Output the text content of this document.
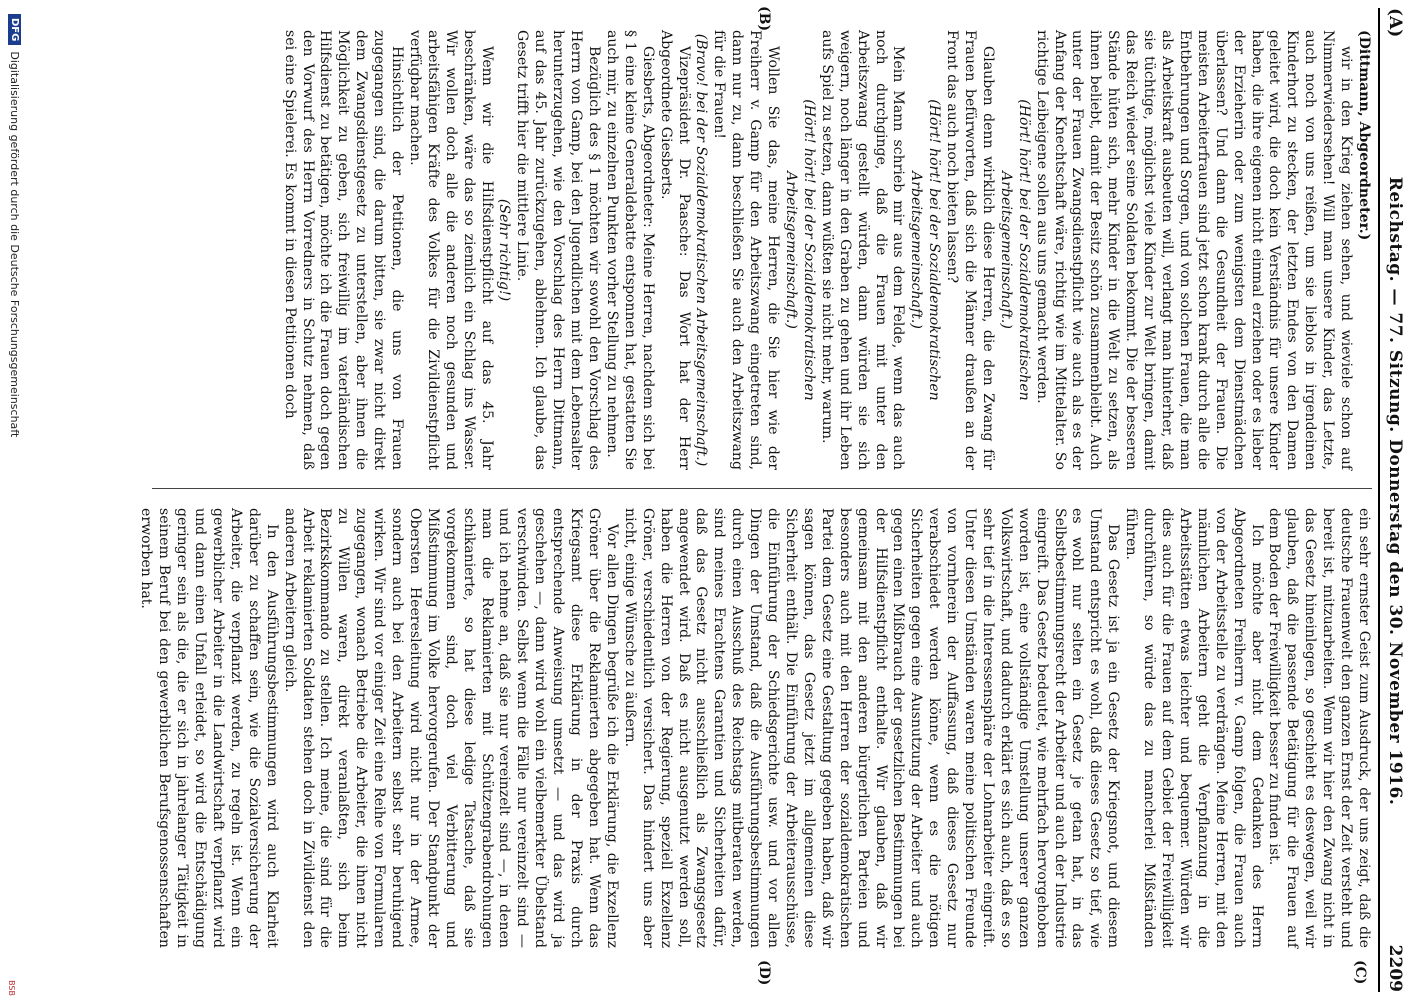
(A)
Reichstag. — 77. Sitzung. Donnerstag den 30. November 1916.
2209

(Dittmann, Abgeordneter.)

wir in den Krieg ziehen sehen, und wieviele schon auf Nimmerwiedersehen! Will man unsere Kinder, das Letzte, auch noch von uns reißen, um sie lieblos in irgendeinen Kinderhort zu stecken, der letzten Endes von den Damen geleitet wird, die doch kein Verständnis für unsere Kinder haben, die ihre eigenen nicht einmal erziehen oder es lieber der Erzieherin oder zum wenigsten dem Dienstmädchen überlassen? Und dann die Gesundheit der Frauen. Die meisten Arbeiterfrauen sind jetzt schon krank durch alle die Entbehrungen und Sorgen, und von solchen Frauen, die man als Arbeitskraft ausbeuten will, verlangt man hinterher, daß sie tüchtige, möglichst viele Kinder zur Welt bringen, damit das Reich wieder seine Soldaten bekommt. Die der besseren Stände hüten sich, mehr Kinder in die Welt zu setzen, als ihnen beliebt, damit der Besitz schön zusammenbleibt. Auch unter der Frauen Zwangsdienstpflicht wie auch als es der Anfang der Knechtschaft wäre, richtig wie im Mittelalter. So richtige Leibeigene sollen aus uns gemacht werden.

(Hört! hört! bei der Sozialdemokratischen Arbeitsgemeinschaft.)

Glauben denn wirklich diese Herren, die den Zwang für Frauen befürworten, daß sich die Männer draußen an der Front das auch noch bieten lassen?

(Hört! hört! bei der Sozialdemokratischen Arbeitsgemeinschaft.)

Mein Mann schrieb mir aus dem Felde, wenn das auch noch durchginge, daß die Frauen mit unter den Arbeitszwang gestellt würden, dann würden sie sich weigern, noch länger in den Graben zu gehen und ihr Leben aufs Spiel zu setzen, dann wüßten sie nicht mehr, warum.

(Hört! hört! bei der Sozialdemokratischen Arbeitsgemeinschaft.)

Wollen Sie das, meine Herren, die Sie hier wie der Freiherr v. Gamp für den Arbeitszwang eingetreten sind, dann nur zu, dann beschließen Sie auch den Arbeitszwang für die Frauen!

(Bravo! bei der Sozialdemokratischen Arbeitsgemeinschaft.)

Vizepräsident Dr. Paasche: Das Wort hat der Herr Abgeordnete Giesberts.

Giesberts, Abgeordneter: Meine Herren, nachdem sich bei § 1 eine kleine Generaldebatte entsponnen hat, gestatten Sie auch mir, zu einzelnen Punkten vorher Stellung zu nehmen.

Bezüglich des § 1 möchten wir sowohl den Vorschlag des Herrn von Gamp, bei den Jugendlichen mit dem Lebensalter herunterzugehen, wie den Vorschlag des Herrn Dittmann, auf das 45. Jahr zurückzugehen, ablehnen. Ich glaube, das Gesetz trifft hier die mittlere Linie.

(Sehr richtig!)

Wenn wir die Hilfsdienstpflicht auf das 45. Jahr beschränken, wäre das so ziemlich ein Schlag ins Wasser. Wir wollen doch alle die anderen noch gesunden und arbeitsfähigen Kräfte des Volkes für die Zivildienstpflicht verfügbar machen.

Hinsichtlich der Petitionen, die uns von Frauen zugegangen sind, die darum bitten, sie zwar nicht direkt dem Zwangsdienstgesetz zu unterstellen, aber ihnen die Möglichkeit zu geben, sich freiwillig im vaterländischen Hilfsdienst zu betätigen, möchte ich die Frauen doch gegen den Vorwurf des Herrn Vorredners in Schutz nehmen, daß sei eine Spielerei. Es kommt in diesen Petitionen doch

ein sehr ernster Geist zum Ausdruck, der uns zeigt, daß die deutsche Frauenwelt den ganzen Ernst der Zeit versteht und bereit ist, mitzuarbeiten. Wenn wir hier den Zwang nicht in das Gesetz hineinlegen, so geschieht es deswegen, weil wir glauben, daß die passende Betätigung für die Frauen auf dem Boden der Freiwilligkeit besser zu finden ist.

Ich möchte aber nicht dem Gedanken des Herrn Abgeordneten Freiherrn v. Gamp folgen, die Frauen auch von der Arbeitsstelle zu verdrängen. Meine Herren, mit den männlichen Arbeitern geht die Verpflanzung in die Arbeitsstätten etwas leichter und bequemer. Würden wir dies auch für die Frauen auf dem Gebiet der Freiwilligkeit durchführen, so würde das zu mancherlei Mißständen führen.

Das Gesetz ist ja ein Gesetz der Kriegsnot, und diesem Umstand entspricht es wohl, daß dieses Gesetz so tief, wie es wohl nur selten ein Gesetz je getan hat, in das Selbstbestimmungsrecht der Arbeiter und auch der Industrie eingreift. Das Gesetz bedeutet, wie mehrfach hervorgehoben worden ist, eine vollständige Umstellung unserer ganzen Volkswirtschaft, und dadurch erklärt es sich auch, daß es so sehr tief in die Interessensphäre der Lohnarbeiter eingreift. Unter diesen Umständen waren meine politischen Freunde von vornherein der Auffassung, daß dieses Gesetz nur verabschiedet werden könne, wenn es die nötigen Sicherheiten gegen eine Ausnutzung der Arbeiter und auch gegen einen Mißbrauch der gesetzlichen Bestimmungen bei der Hilfsdienstpflicht enthalte. Wir glauben, daß wir gemeinsam mit den anderen bürgerlichen Parteien und besonders auch mit den Herren der sozialdemokratischen Partei dem Gesetz eine Gestaltung gegeben haben, daß wir sagen können, das Gesetz jetzt im allgemeinen diese Sicherheit enthält. Die Einführung der Arbeiterausschüsse, die Einführung der Schiedsgerichte usw. und vor allen Dingen der Umstand, daß die Ausführungsbestimmungen durch einen Ausschuß des Reichstags mitberaten werden, sind meines Erachtens Garantien und Sicherheiten dafür, daß das Gesetz nicht ausschließlich als Zwangsgesetz angewendet wird. Daß es nicht ausgenutzt werden soll, haben die Herren von der Regierung, speziell Exzellenz Gröner, verschiedentlich versichert. Das hindert uns aber nicht, einige Wünsche zu äußern.

Vor allen Dingen begrüße ich die Erklärung, die Exzellenz Gröner über die Reklamierten abgegeben hat. Wenn das Kriegsamt diese Erklärung in der Praxis durch entsprechende Anweisung umsetzt — und das wird ja geschehen —, dann wird wohl ein vielbemerkter Übelstand verschwinden. Selbst wenn die Fälle nur vereinzelt sind — und ich nehme an, daß sie nur vereinzelt sind —, in denen man die Reklamierten mit Schützengrabendrohungen schikanierte, so hat diese ledige Tatsache, daß sie vorgekommen sind, doch viel Verbitterung und Mißstimmung im Volke hervorgerufen. Der Standpunkt der Obersten Heeresleitung wird nicht nur in der Armee, sondern auch bei den Arbeitern selbst sehr beruhigend wirken. Wir sind vor einiger Zeit eine Reihe von Formularen zugegangen, wonach Betriebe die Arbeiter, die ihnen nicht zu Willen waren, direkt veranlaßten, sich beim Bezirkskommando zu stellen. Ich meine, die sind für die Arbeit reklamierten Soldaten stehen doch in Zivildienst den anderen Arbeitern gleich.

In den Ausführungsbestimmungen wird auch Klarheit darüber zu schaffen sein, wie die Sozialversicherung der Arbeiter, die verpflanzt werden, zu regeln ist. Wenn ein gewerblicher Arbeiter in die Landwirtschaft verpflanzt wird und dann einen Unfall erleidet, so wird die Entschädigung geringer sein als die, die er sich in jahrelanger Tätigkeit in seinem Beruf bei den gewerblichen Berufsgenossenschaften erworben hat.

(B)
(C)
(D)
DFG
Digitalisierung gefördert durch die Deutsche Forschungsgemeinschaft
BSB
